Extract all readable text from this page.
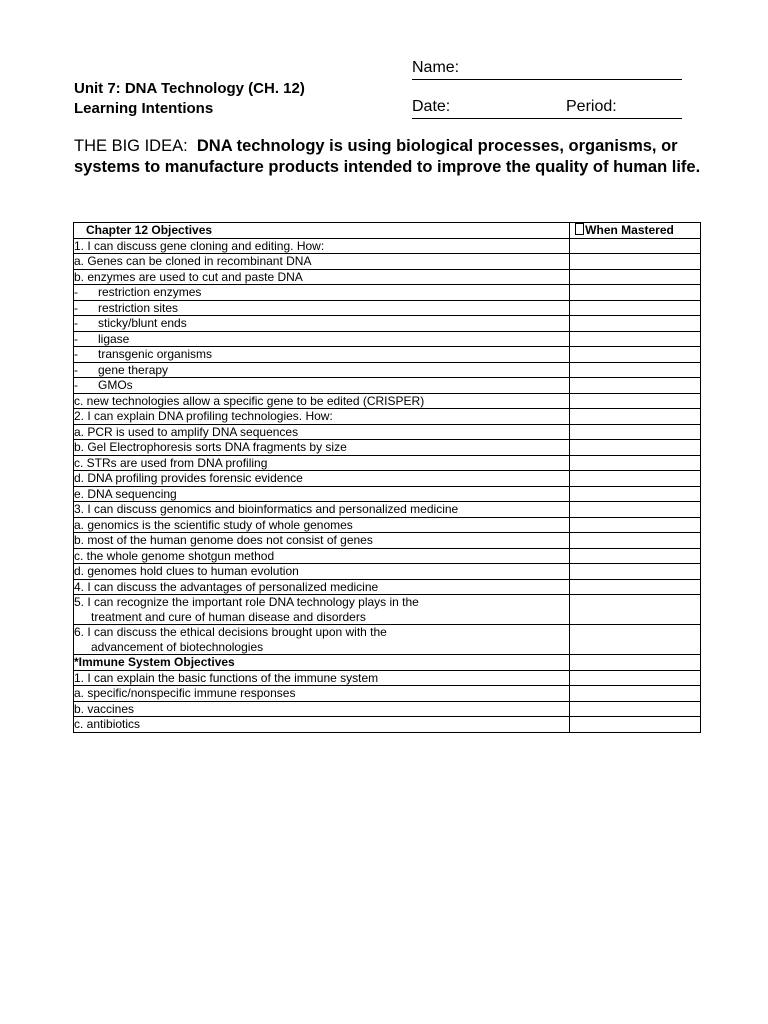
Unit 7: DNA Technology (CH. 12)
Learning Intentions
Name:
Date:	Period:
THE BIG IDEA: DNA technology is using biological processes, organisms, or systems to manufacture products intended to improve the quality of human life.
Chapter 12 Objectives	When Mastered
1. I can discuss gene cloning and editing. How:	
a. Genes can be cloned in recombinant DNA	
b. enzymes are used to cut and paste DNA	
- restriction enzymes	
- restriction sites	
- sticky/blunt ends	
- ligase	
- transgenic organisms	
- gene therapy	
- GMOs	
c. new technologies allow a specific gene to be edited (CRISPER)	
2. I can explain DNA profiling technologies. How:	
a. PCR is used to amplify DNA sequences	
b. Gel Electrophoresis sorts DNA fragments by size	
c. STRs are used from DNA profiling	
d. DNA profiling provides forensic evidence	
e. DNA sequencing	
3. I can discuss genomics and bioinformatics and personalized medicine	
a. genomics is the scientific study of whole genomes	
b. most of the human genome does not consist of genes	
c. the whole genome shotgun method	
d. genomes hold clues to human evolution	
4. I can discuss the advantages of personalized medicine	

5. I can recognize the important role DNA technology plays in the
treatment and cure of human disease and disorders	

6. I can discuss the ethical decisions brought upon with the
advancement of biotechnologies	

*Immune System Objectives	
1. I can explain the basic functions of the immune system	
a. specific/nonspecific immune responses	
b. vaccines	
c. antibiotics	
